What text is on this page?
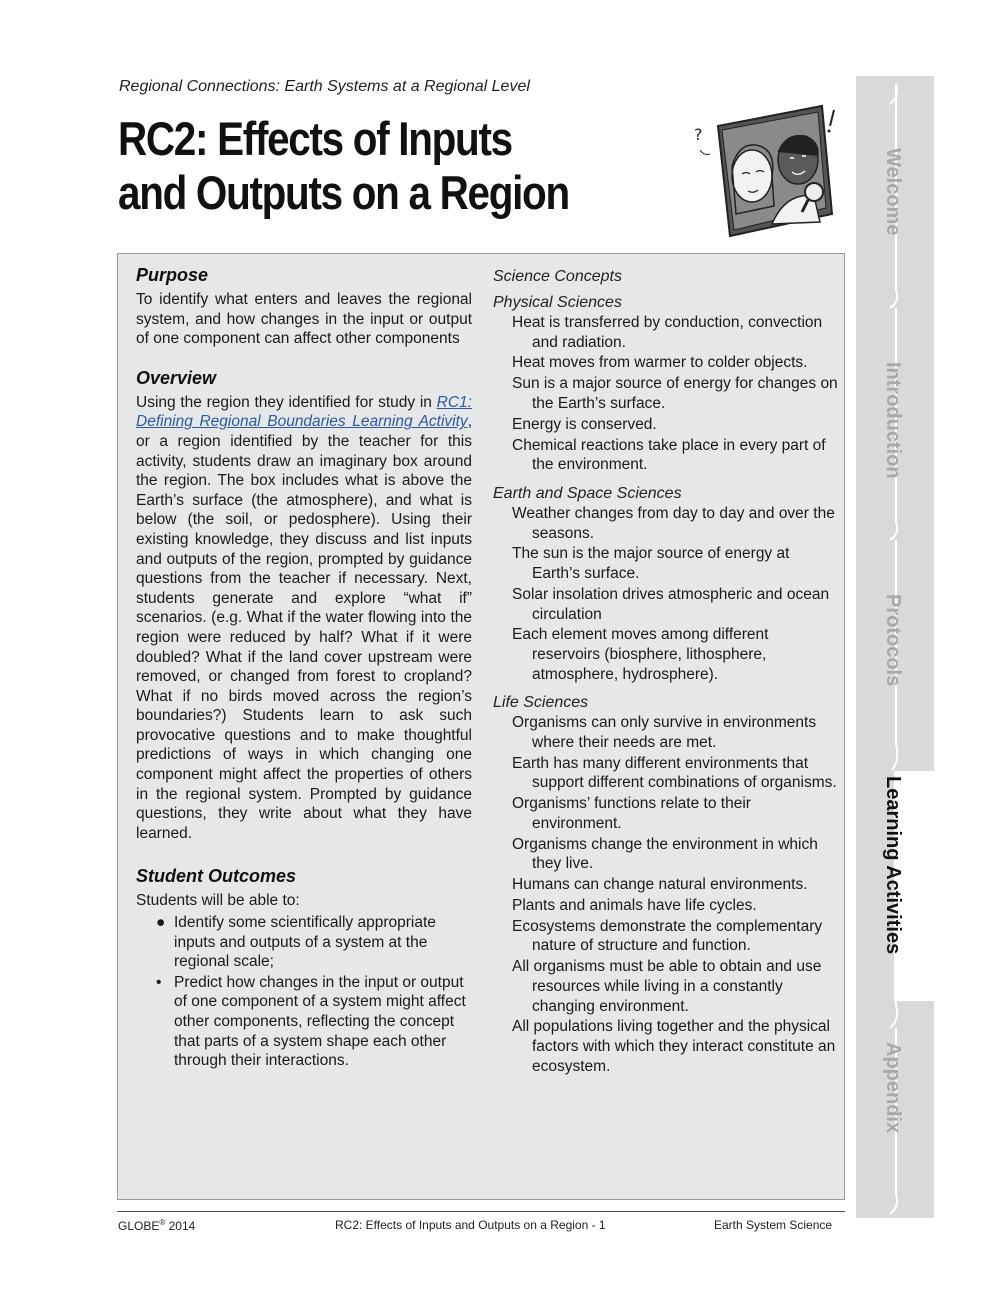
Regional Connections: Earth Systems at a Regional Level
RC2: Effects of Inputs
and Outputs on a Region
?
Purpose

To identify what enters and leaves the regional system, and how changes in the input or output of one component can affect other components

Overview

Using the region they identified for study in RC1: Defining Regional Boundaries Learning Activity, or a region identified by the teacher for this activity, students draw an imaginary box around the region. The box includes what is above the Earth’s surface (the atmosphere), and what is below (the soil, or pedosphere). Using their existing knowledge, they discuss and list inputs and outputs of the region, prompted by guidance questions from the teacher if necessary. Next, students generate and explore “what if” scenarios. (e.g. What if the water flowing into the region were reduced by half? What if it were doubled? What if the land cover upstream were removed, or changed from forest to cropland? What if no birds moved across the region’s boundaries?) Students learn to ask such provocative questions and to make thoughtful predictions of ways in which changing one component might affect the properties of others in the regional system. Prompted by guidance questions, they write about what they have learned.

Student Outcomes

Students will be able to:

● Identify some scientifically appropriate inputs and outputs of a system at the regional scale;
• Predict how changes in the input or output of one component of a system might affect other components, reflecting the concept that parts of a system shape each other through their interactions.
Science Concepts
Physical Sciences
Heat is transferred by conduction, convection and radiation.
Heat moves from warmer to colder objects.
Sun is a major source of energy for changes on the Earth’s surface.
Energy is conserved.
Chemical reactions take place in every part of the environment.
Earth and Space Sciences
Weather changes from day to day and over the seasons.
The sun is the major source of energy at Earth’s surface.
Solar insolation drives atmospheric and ocean circulation
Each element moves among different reservoirs (biosphere, lithosphere, atmosphere, hydrosphere).
Life Sciences
Organisms can only survive in environments where their needs are met.
Earth has many different environments that support different combinations of organisms.
Organisms’ functions relate to their environment.
Organisms change the environment in which they live.
Humans can change natural environments.
Plants and animals have life cycles.
Ecosystems demonstrate the complementary nature of structure and function.
All organisms must be able to obtain and use resources while living in a constantly changing environment.
All populations living together and the physical factors with which they interact constitute an ecosystem.
Welcome
Introduction
Protocols
Learning Activities
Appendix
GLOBE® 2014	RC2: Effects of Inputs and Outputs on a Region - 1	Earth System Science
